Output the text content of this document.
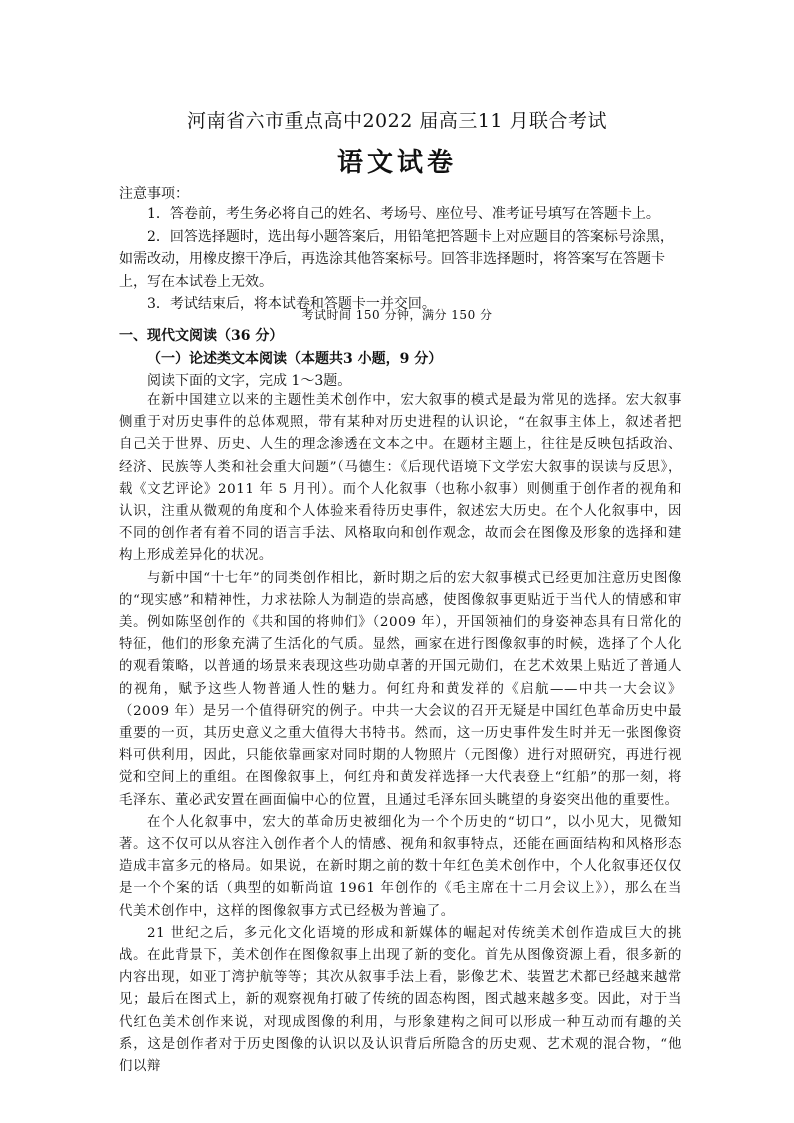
河南省六市重点高中2022 届高三11 月联合考试
语文试卷
注意事项：

1．答卷前，考生务必将自己的姓名、考场号、座位号、准考证号填写在答题卡上。

2．回答选择题时，选出每小题答案后，用铅笔把答题卡上对应题目的答案标号涂黑，如需改动，用橡皮擦干净后，再选涂其他答案标号。回答非选择题时，将答案写在答题卡上，写在本试卷上无效。

3．考试结束后，将本试卷和答题卡一并交回。

考试时间 150 分钟，满分 150 分
一、现代文阅读（36 分）
（一）论述类文本阅读（本题共3 小题，9 分）
阅读下面的文字，完成 1～3题。

在新中国建立以来的主题性美术创作中，宏大叙事的模式是最为常见的选择。宏大叙事侧重于对历史事件的总体观照，带有某种对历史进程的认识论，“在叙事主体上，叙述者把自己关于世界、历史、人生的理念渗透在文本之中。在题材主题上，往往是反映包括政治、经济、民族等人类和社会重大问题”（马德生：《后现代语境下文学宏大叙事的误读与反思》，载《文艺评论》2011 年 5 月刊）。而个人化叙事（也称小叙事）则侧重于创作者的视角和认识，注重从微观的角度和个人体验来看待历史事件，叙述宏大历史。在个人化叙事中，因不同的创作者有着不同的语言手法、风格取向和创作观念，故而会在图像及形象的选择和建构上形成差异化的状况。

与新中国“十七年”的同类创作相比，新时期之后的宏大叙事模式已经更加注意历史图像的“现实感”和精神性，力求祛除人为制造的崇高感，使图像叙事更贴近于当代人的情感和审美。例如陈坚创作的《共和国的将帅们》（2009 年），开国领袖们的身姿神态具有日常化的特征，他们的形象充满了生活化的气质。显然，画家在进行图像叙事的时候，选择了个人化的观看策略，以普通的场景来表现这些功勋卓著的开国元勋们，在艺术效果上贴近了普通人的视角，赋予这些人物普通人性的魅力。何红舟和黄发祥的《启航——中共一大会议》（2009 年）是另一个值得研究的例子。中共一大会议的召开无疑是中国红色革命历史中最重要的一页，其历史意义之重大值得大书特书。然而，这一历史事件发生时并无一张图像资料可供利用，因此，只能依靠画家对同时期的人物照片（元图像）进行对照研究，再进行视觉和空间上的重组。在图像叙事上，何红舟和黄发祥选择一大代表登上“红船”的那一刻，将毛泽东、董必武安置在画面偏中心的位置，且通过毛泽东回头眺望的身姿突出他的重要性。

在个人化叙事中，宏大的革命历史被细化为一个个历史的“切口”，以小见大，见微知著。这不仅可以从容注入创作者个人的情感、视角和叙事特点，还能在画面结构和风格形态造成丰富多元的格局。如果说，在新时期之前的数十年红色美术创作中，个人化叙事还仅仅是一个个案的话（典型的如靳尚谊 1961 年创作的《毛主席在十二月会议上》），那么在当代美术创作中，这样的图像叙事方式已经极为普遍了。

21 世纪之后，多元化文化语境的形成和新媒体的崛起对传统美术创作造成巨大的挑战。在此背景下，美术创作在图像叙事上出现了新的变化。首先从图像资源上看，很多新的内容出现，如亚丁湾护航等等；其次从叙事手法上看，影像艺术、装置艺术都已经越来越常见；最后在图式上，新的观察视角打破了传统的固态构图，图式越来越多变。因此，对于当代红色美术创作来说，对现成图像的利用，与形象建构之间可以形成一种互动而有趣的关系，这是创作者对于历史图像的认识以及认识背后所隐含的历史观、艺术观的混合物，“他们以辩
